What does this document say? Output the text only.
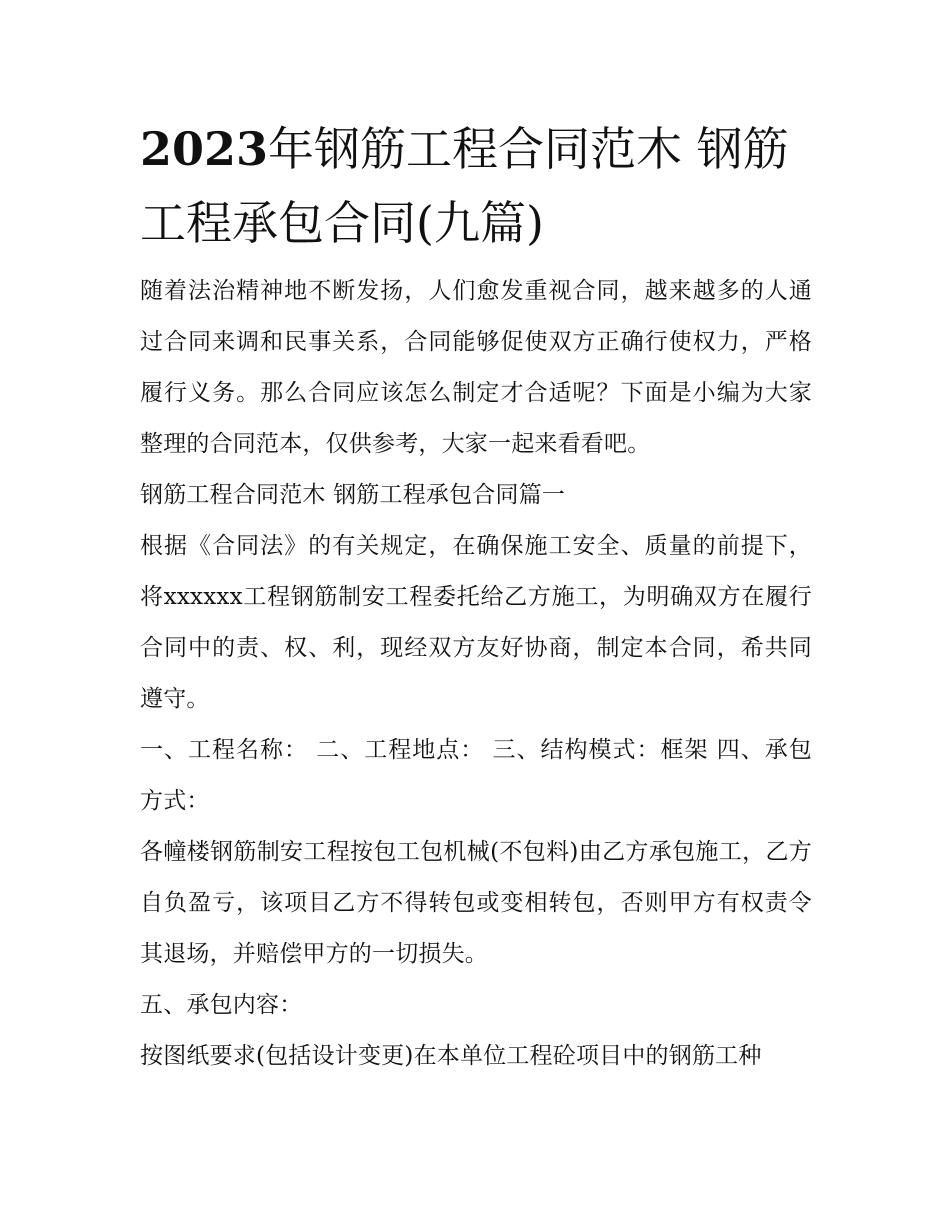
2023年钢筋工程合同范木 钢筋工程承包合同(九篇)

随着法治精神地不断发扬，人们愈发重视合同，越来越多的人通过合同来调和民事关系，合同能够促使双方正确行使权力，严格履行义务。那么合同应该怎么制定才合适呢？下面是小编为大家整理的合同范本，仅供参考，大家一起来看看吧。

钢筋工程合同范木 钢筋工程承包合同篇一

根据《合同法》的有关规定，在确保施工安全、质量的前提下，将xxxxxx工程钢筋制安工程委托给乙方施工，为明确双方在履行合同中的责、权、利，现经双方友好协商，制定本合同，希共同遵守。

一、工程名称： 二、工程地点： 三、结构模式：框架 四、承包方式：

各幢楼钢筋制安工程按包工包机械(不包料)由乙方承包施工，乙方自负盈亏，该项目乙方不得转包或变相转包，否则甲方有权责令其退场，并赔偿甲方的一切损失。

五、承包内容：

按图纸要求(包括设计变更)在本单位工程砼项目中的钢筋工种
